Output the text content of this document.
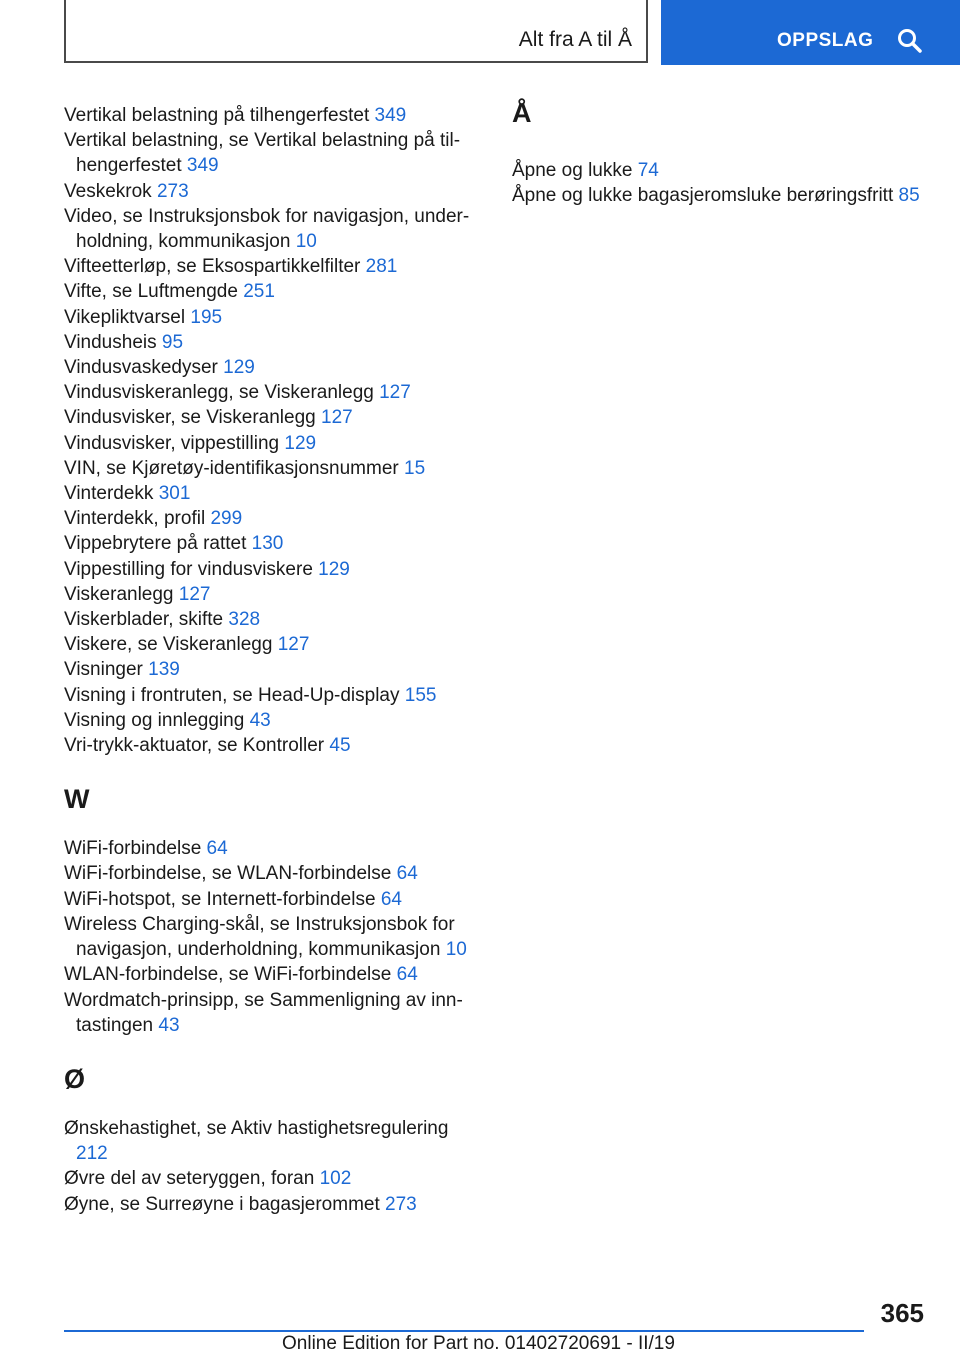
Alt fra A til Å	OPPSLAG
Vertikal belastning på tilhengerfestet 349
Vertikal belastning, se Vertikal belastning på tilhengerfestet 349
Veskekrok 273
Video, se Instruksjonsbok for navigasjon, underholdning, kommunikasjon 10
Vifteetterløp, se Eksospartikkelfilter 281
Vifte, se Luftmengde 251
Vikepliktvarsel 195
Vindusheis 95
Vindusvaskedyser 129
Vindusviskeranlegg, se Viskeranlegg 127
Vindusvisker, se Viskeranlegg 127
Vindusvisker, vippestilling 129
VIN, se Kjøretøy-identifikasjonsnummer 15
Vinterdekk 301
Vinterdekk, profil 299
Vippebrytere på rattet 130
Vippestilling for vindusviskere 129
Viskeranlegg 127
Viskerblader, skifte 328
Viskere, se Viskeranlegg 127
Visninger 139
Visning i frontruten, se Head-Up-display 155
Visning og innlegging 43
Vri-trykk-aktuator, se Kontroller 45
W
WiFi-forbindelse 64
WiFi-forbindelse, se WLAN-forbindelse 64
WiFi-hotspot, se Internett-forbindelse 64
Wireless Charging-skål, se Instruksjonsbok for navigasjon, underholdning, kommunikasjon 10
WLAN-forbindelse, se WiFi-forbindelse 64
Wordmatch-prinsipp, se Sammenligning av inntastingen 43
Ø
Ønskehastighet, se Aktiv hastighetsregulering 212
Øvre del av seteryggen, foran 102
Øyne, se Surreøyne i bagasjerommet 273
Å
Åpne og lukke 74
Åpne og lukke bagasjeromsluke berøringsfritt 85
365
Online Edition for Part no. 01402720691 - II/19
